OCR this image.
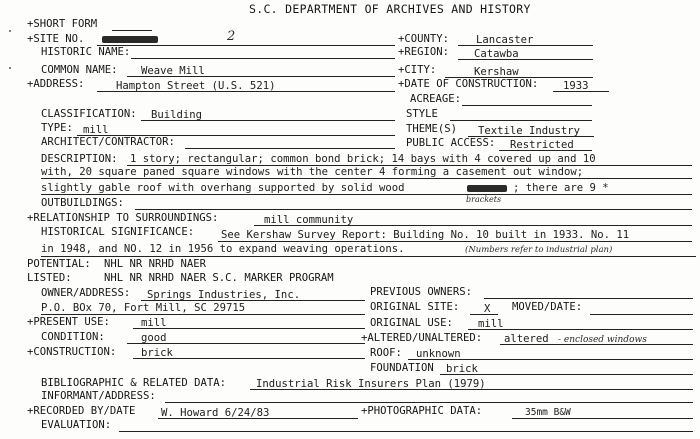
S.C. DEPARTMENT OF ARCHIVES AND HISTORY
+SHORT FORM
+SITE NO.	2	+COUNTY:	Lancaster
HISTORIC NAME:	+REGION: Catawba
COMMON NAME: Weave Mill	+CITY:	Kershaw
+ADDRESS:	Hampton Street (U.S. 521)	+DATE OF CONSTRUCTION: 1933
ACREAGE:
CLASSIFICATION: Building	STYLE
TYPE: mill	THEME(S) Textile Industry
ARCHITECT/CONTRACTOR:	PUBLIC ACCESS: Restricted
DESCRIPTION: 1 story; rectangular; common bond brick; 14 bays with 4 covered up and 10
with, 20 square paned square windows with the center 4 forming a casement out window;
slightly gable roof with overhang supported by solid wood	; there are 9 *
brackets
OUTBUILDINGS:
+RELATIONSHIP TO SURROUNDINGS:	mill community
HISTORICAL SIGNIFICANCE:	See Kershaw Survey Report: Building No. 10 built in 1933. No. 11
in 1948, and NO. 12 in 1956 to expand weaving operations.	(Numbers refer to industrial plan)
POTENTIAL: NHL NR NRHD NAER
LISTED:	NHL NR NRHD NAER S.C. MARKER PROGRAM
OWNER/ADDRESS: Springs Industries, Inc.	PREVIOUS OWNERS:
P.O. BOx 70, Fort Mill, SC 29715	ORIGINAL SITE: X MOVED/DATE:
+PRESENT USE:	mill	ORIGINAL USE: mill
CONDITION:	good	+ALTERED/UNALTERED: altered - enclosed windows
+CONSTRUCTION: brick	ROOF: unknown
FOUNDATION brick
BIBLIOGRAPHIC & RELATED DATA:	Industrial Risk Insurers Plan (1979)
INFORMANT/ADDRESS:
+RECORDED BY/DATE W. Howard 6/24/83	+PHOTOGRAPHIC DATA:	35mm B&W
EVALUATION:
